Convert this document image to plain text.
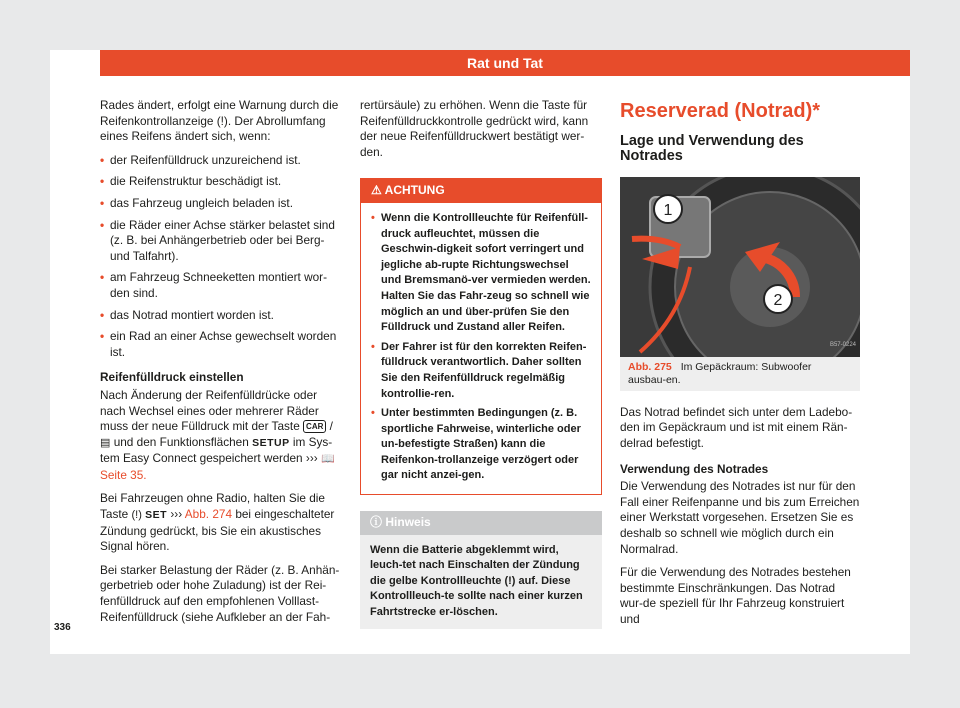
Rat und Tat

Rades ändert, erfolgt eine Warnung durch die Reifenkontrollanzeige (!). Der Abrollumfang eines Reifens ändert sich, wenn:

• der Reifenfülldruck unzureichend ist.
• die Reifenstruktur beschädigt ist.
• das Fahrzeug ungleich beladen ist.
• die Räder einer Achse stärker belastet sind (z. B. bei Anhängerbetrieb oder bei Berg- und Talfahrt).
• am Fahrzeug Schneeketten montiert wor-den sind.
• das Notrad montiert worden ist.
• ein Rad an einer Achse gewechselt worden ist.
Reifenfülldruck einstellen

Nach Änderung der Reifenfülldrücke oder nach Wechsel eines oder mehrerer Räder muss der neue Fülldruck mit der Taste CAR / ▤ und den Funktionsflächen SETUP im Sys-tem Easy Connect gespeichert werden ››› 📖 Seite 35.

Bei Fahrzeugen ohne Radio, halten Sie die Taste (!) SET ››› Abb. 274 bei eingeschalteter Zündung gedrückt, bis Sie ein akustisches Signal hören.

Bei starker Belastung der Räder (z. B. Anhän-gerbetrieb oder hohe Zuladung) ist der Rei-fenfülldruck auf den empfohlenen Volllast-Reifenfülldruck (siehe Aufkleber an der Fah-

rertürsäule) zu erhöhen. Wenn die Taste für Reifenfülldruckkontrolle gedrückt wird, kann der neue Reifenfülldruckwert bestätigt wer-den.

⚠ ACHTUNG
• Wenn die Kontrollleuchte für Reifenfüll-druck aufleuchtet, müssen die Geschwin-digkeit sofort verringert und jegliche ab-rupte Richtungswechsel und Bremsmanö-ver vermieden werden. Halten Sie das Fahr-zeug so schnell wie möglich an und über-prüfen Sie den Fülldruck und Zustand aller Reifen.
• Der Fahrer ist für den korrekten Reifen-fülldruck verantwortlich. Daher sollten Sie den Reifenfülldruck regelmäßig kontrollie-ren.
• Unter bestimmten Bedingungen (z. B. sportliche Fahrweise, winterliche oder un-befestigte Straßen) kann die Reifenkon-trollanzeige verzögert oder gar nicht anzei-gen.
ⓘ Hinweis
Wenn die Batterie abgeklemmt wird, leuch-tet nach Einschalten der Zündung die gelbe Kontrollleuchte (!) auf. Diese Kontrollleuch-te sollte nach einer kurzen Fahrtstrecke er-löschen.
Reserverad (Notrad)*
Lage und Verwendung des Notrades
1
2
B57-0224
Abb. 275 Im Gepäckraum: Subwoofer ausbau-en.

Das Notrad befindet sich unter dem Ladebo-den im Gepäckraum und ist mit einem Rän-delrad befestigt.

Verwendung des Notrades

Die Verwendung des Notrades ist nur für den Fall einer Reifenpanne und bis zum Erreichen einer Werkstatt vorgesehen. Ersetzen Sie es deshalb so schnell wie möglich durch ein Normalrad.

Für die Verwendung des Notrades bestehen bestimmte Einschränkungen. Das Notrad wur-de speziell für Ihr Fahrzeug konstruiert und

336
